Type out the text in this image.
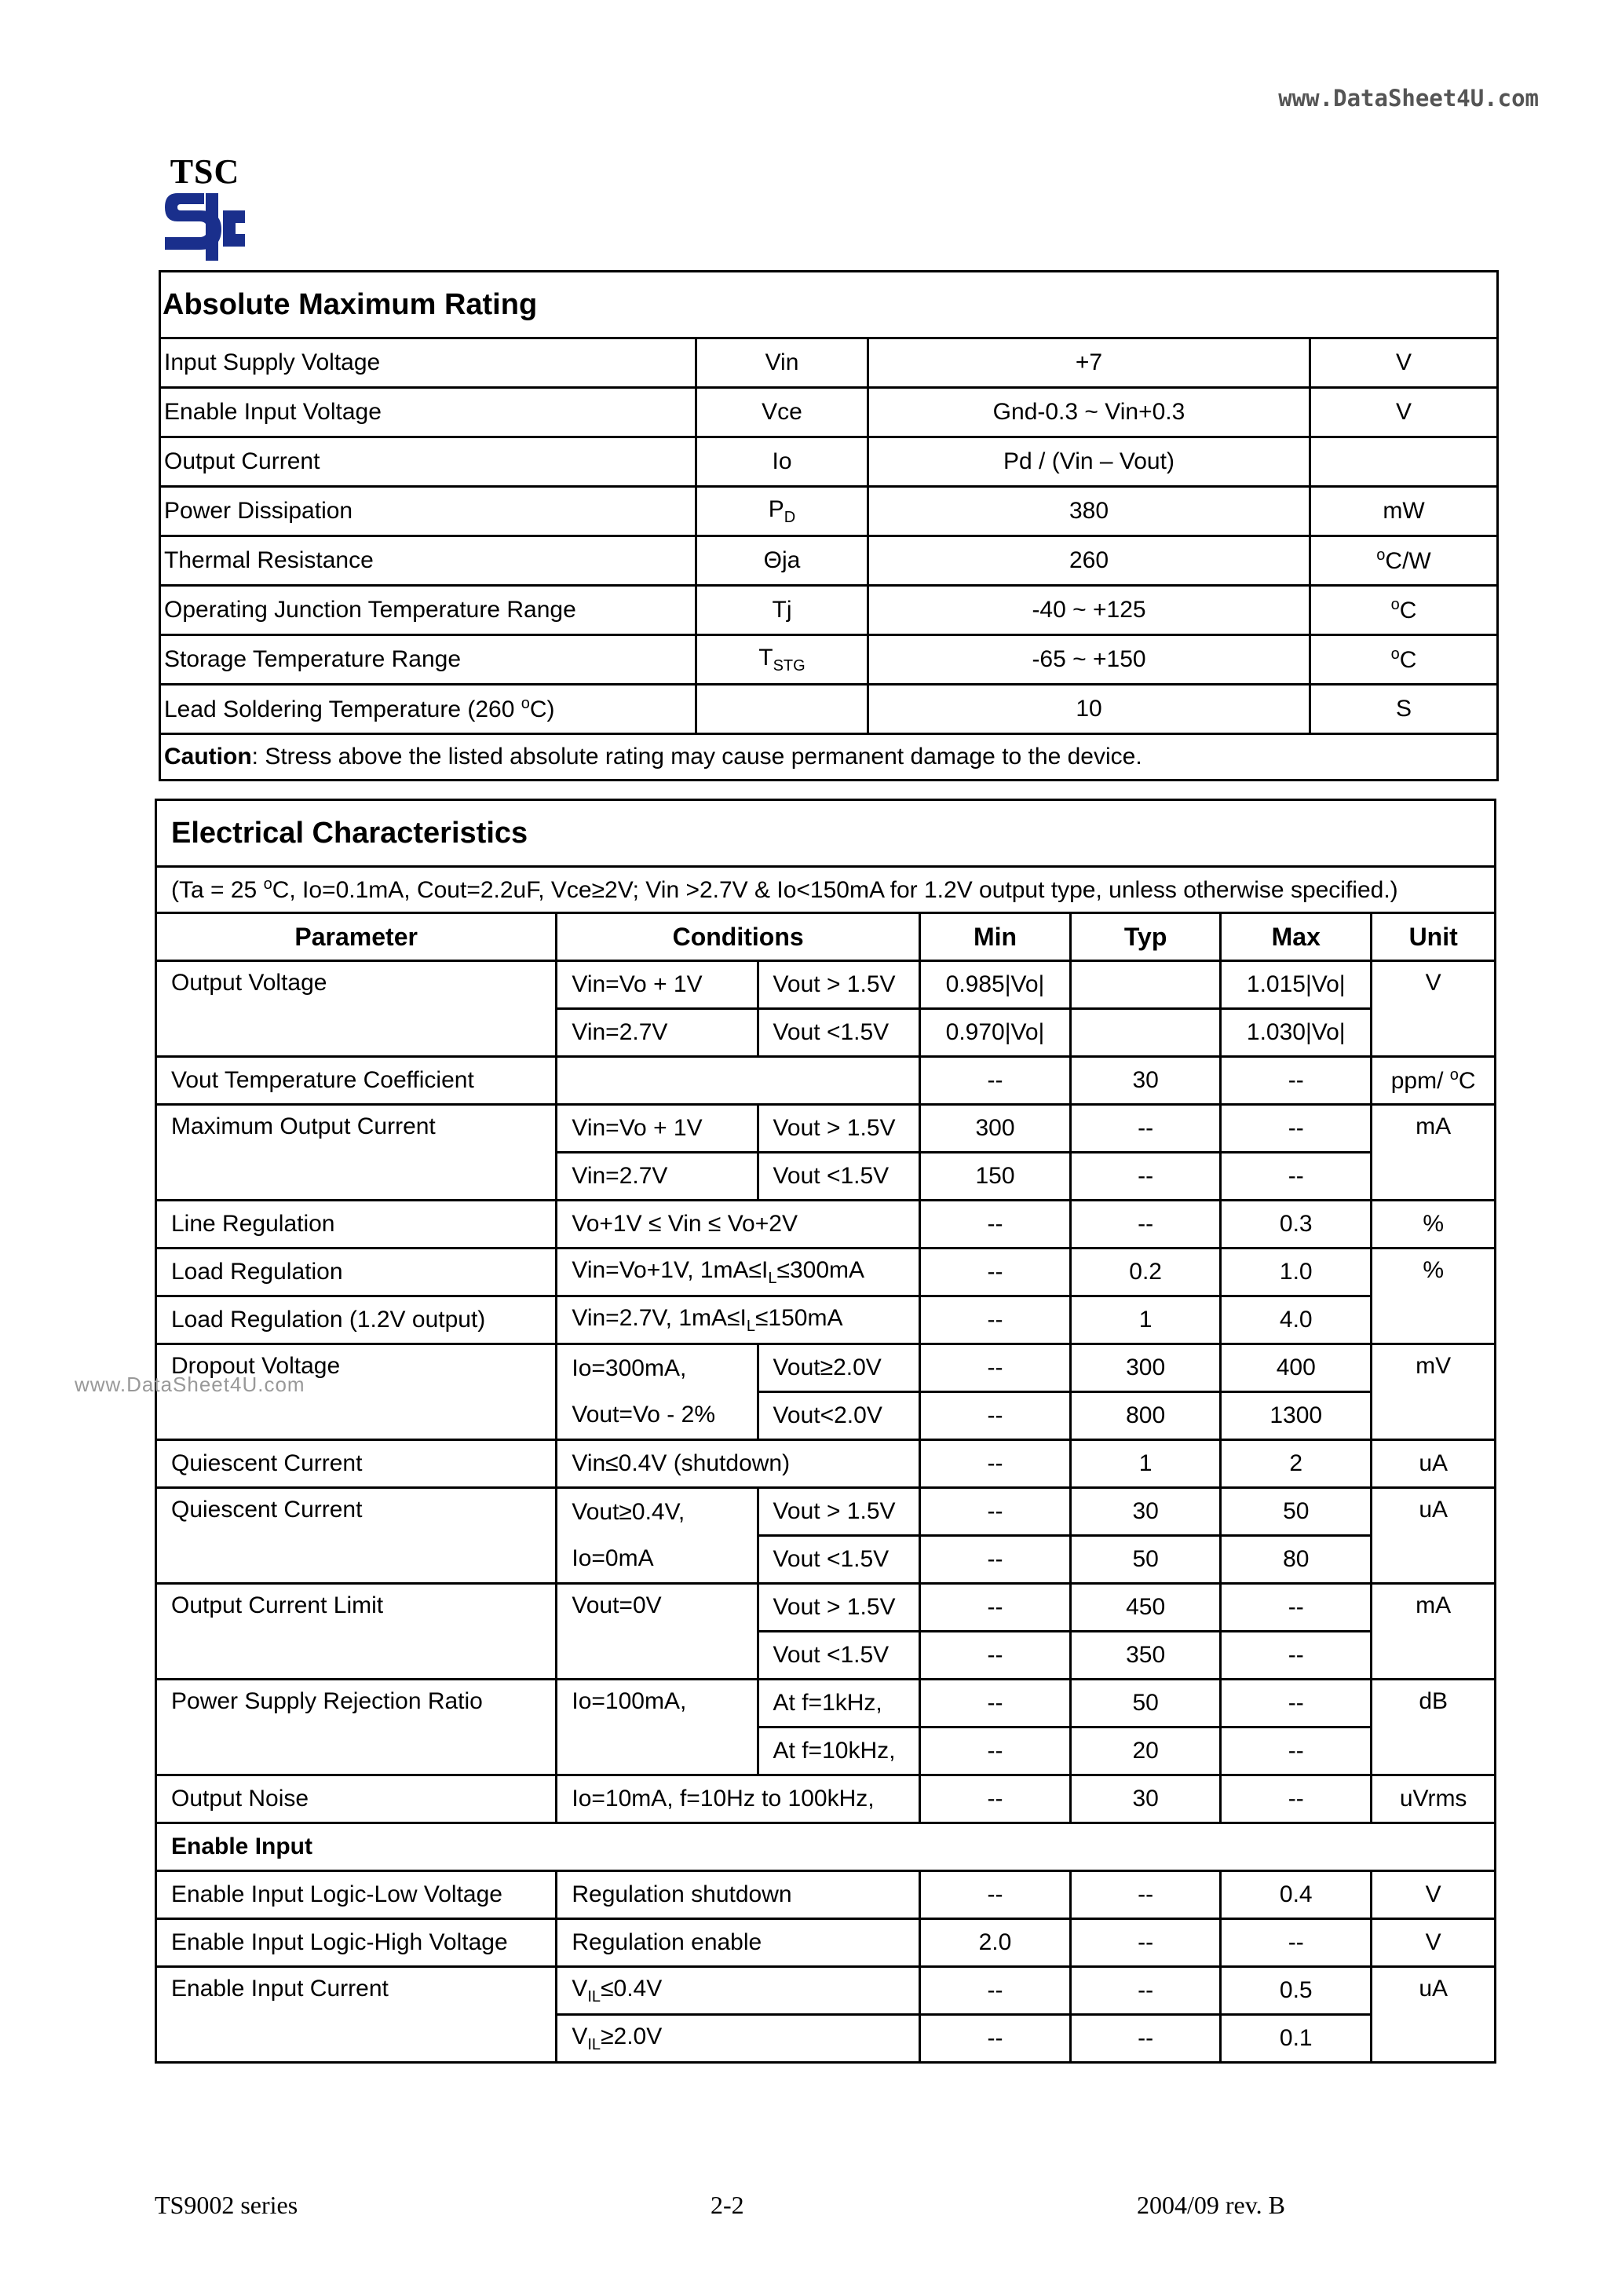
www.DataSheet4U.com
TSC
Absolute Maximum Rating			
Input Supply Voltage	Vin	+7	V
Enable Input Voltage	Vce	Gnd-0.3 ~ Vin+0.3	V
Output Current	Io	Pd / (Vin – Vout)	
Power Dissipation	$P_D$	380	mW
Thermal Resistance	Θja	260	$^o$C/W
Operating Junction Temperature Range	Tj	-40 ~ +125	$^o$C
Storage Temperature Range	$T_{STG}$	-65 ~ +150	$^o$C
Lead Soldering Temperature (260 $^o$C)		10	S
Caution: Stress above the listed absolute rating may cause permanent damage to the device.			
Electrical Characteristics						
(Ta = 25 $^o$C, Io=0.1mA, Cout=2.2uF, Vce≥2V; Vin >2.7V & Io<150mA for 1.2V output type, unless otherwise specified.)						
Parameter	Conditions		Min	Typ	Max	Unit
Output Voltage	Vin=Vo + 1V	Vout > 1.5V	0.985|Vo|		1.015|Vo|	V
	Vin=2.7V	Vout <1.5V	0.970|Vo|		1.030|Vo|	
Vout Temperature Coefficient			--	30	--	ppm/ $^o$C
Maximum Output Current	Vin=Vo + 1V	Vout > 1.5V	300	--	--	mA
	Vin=2.7V	Vout <1.5V	150	--	--	
Line Regulation	Vo+1V ≤ Vin ≤ Vo+2V		--	--	0.3	%
Load Regulation	Vin=Vo+1V, $1mA\le I_L\le 300mA$		--	0.2	1.0	%
Load Regulation (1.2V output)	Vin=2.7V, $1mA\le I_L\le 150mA$		--	1	4.0	
Dropout Voltage	Io=300mA,	Vout≥2.0V	--	300	400	mV
	Vout=Vo - 2%	Vout<2.0V	--	800	1300	
Quiescent Current	Vin≤0.4V (shutdown)		--	1	2	uA
Quiescent Current	Vout≥0.4V,	Vout > 1.5V	--	30	50	uA
	Io=0mA	Vout <1.5V	--	50	80	
Output Current Limit	Vout=0V	Vout > 1.5V	--	450	--	mA
		Vout <1.5V	--	350	--	
Power Supply Rejection Ratio	Io=100mA,	At f=1kHz,	--	50	--	dB
		At f=10kHz,	--	20	--	
Output Noise	Io=10mA, f=10Hz to 100kHz,		--	30	--	uVrms
Enable Input						
Enable Input Logic-Low Voltage	Regulation shutdown		--	--	0.4	V
Enable Input Logic-High Voltage	Regulation enable		2.0	--	--	V
Enable Input Current	$V_{IL}\le 0.4V$		--	--	0.5	uA
	$V_{IL}\ge 2.0V$		--	--	0.1	
www.DataSheet4U.com
TS9002 series	2-2	2004/09 rev. B
